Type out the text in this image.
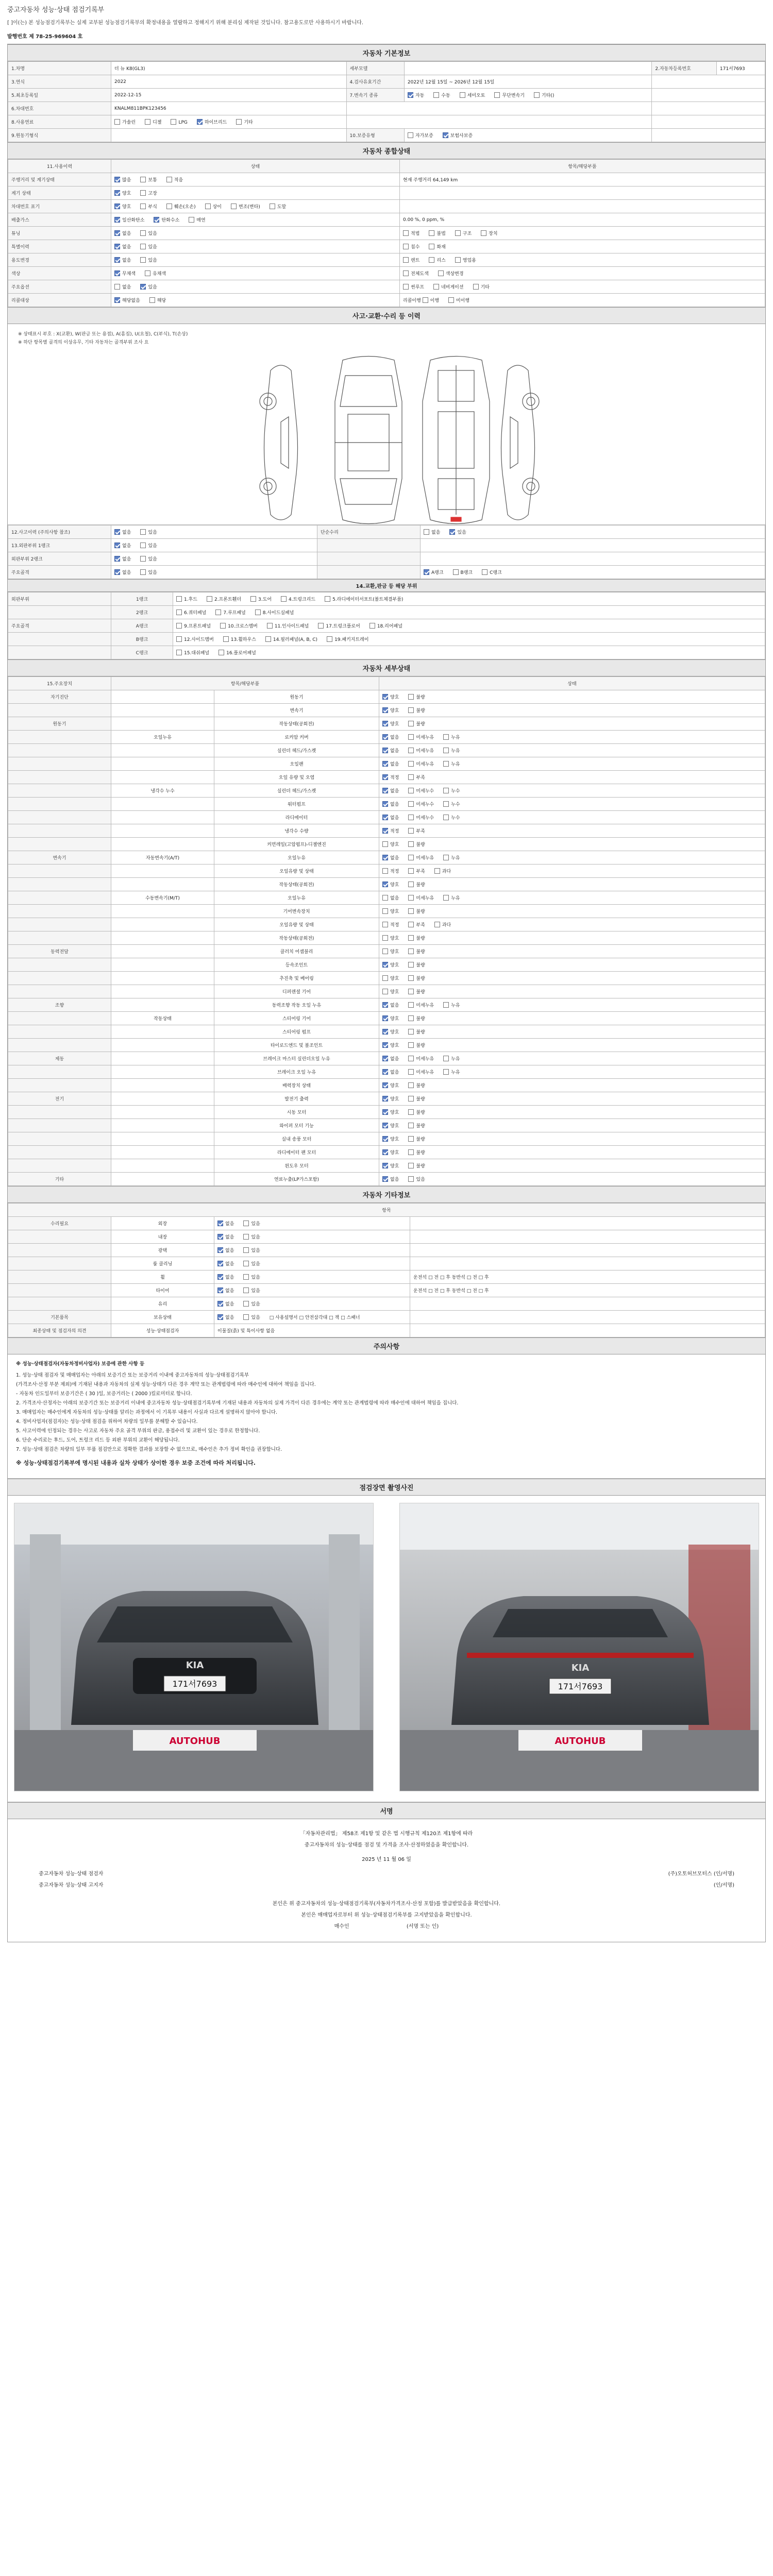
중고자동차 성능·상태 점검기록부
[ ]이(는) 본 성능점검기록부는 실제 교부된 성능점검기록부의 확정내용을 열람하고 정해지기 위해 분리심 제작된 것입니다. 참고용도로만 사용하시기 바랍니다.
발행번호 제 78-25-969604 호
자동차 기본정보
1.차명	더 뉴 K8(GL3)	세부모델		2.자동차등록번호	171서7693
3.연식	2022	4.검사유효기간	2022년 12월 15일 ~ 2026년 12월 15일		
5.최초등록일	2022-12-15	7.변속기 종류	자동 수동 세미오토 무단변속기 기타()		
6.차대번호	KNALM811BPK123456				
8.사용연료	가솔린 디젤 LPG 하이브리드 기타				
9.원동기형식		10.보증유형	자가보증 보험사보증		
자동차 종합상태
11.사용이력	상태	항목/해당부품
주행거리 및 계기상태	많음 보통 적음	현재 주행거리 64,149 km
계기 상태	양호 고장	
차대번호 표기	양호 부식 훼손(오손) 상이 변조(변타) 도말	
배출가스	일산화탄소 탄화수소 매연	0.00 %, 0 ppm, %
튜닝	없음 있음	적법 불법 구조 장치
특별이력	없음 있음	침수 화재
용도변경	없음 있음	렌트 리스 영업용
색상	무채색 유채색	전체도색 색상변경
주요옵션	없음 있음	썬루프 네비게이션 기타
리콜대상	해당없음 해당	리콜이행 이행 미이행
사고·교환·수리 등 이력
※ 상태표시 부호 : X(교환), W(판금 또는 용접), A(흠집), U(요철), C(부식), T(손상)
※ 하단 항목별 골격의 이상유무, 기타 자동차는 골격부위 조사 요
12.사고이력 (주의사항 참조)	없음 있음	단순수리	없음 있음
13.외판부위 1랭크	없음 있음		
외판부위 2랭크	없음 있음		
주요골격	없음 있음		A랭크 B랭크 C랭크
14.교환,판금 등 해당 부위
외판부위	1랭크	1.후드 2.프론트휀더 3.도어 4.트렁크리드 5.라디에이터서포트(볼트체결부품)
	2랭크	6.쿼터패널 7.루프패널 8.사이드실패널
주요골격	A랭크	9.프론트패널 10.크로스멤버 11.인사이드패널 17.트렁크플로어 18.리어패널
	B랭크	12.사이드멤버 13.휠하우스 14.필러패널(A, B, C) 19.패키지트레이
	C랭크	15.대쉬패널 16.플로어패널
자동차 세부상태
15.주요장치	항목/해당부품		상태
자기진단		원동기	양호 불량
		변속기	양호 불량
원동기		작동상태(공회전)	양호 불량
	오일누유	로커암 커버	없음 미세누유 누유
		실린더 헤드/가스켓	없음 미세누유 누유
		오일팬	없음 미세누유 누유
		오일 유량 및 오염	적정 부족
	냉각수 누수	실린더 헤드/가스켓	없음 미세누수 누수
		워터펌프	없음 미세누수 누수
		라디에이터	없음 미세누수 누수
		냉각수 수량	적정 부족
		커먼레일(고압펌프)-디젤엔진	양호 불량
변속기	자동변속기(A/T)	오일누유	없음 미세누유 누유
		오일유량 및 상태	적정 부족 과다
		작동상태(공회전)	양호 불량
	수동변속기(M/T)	오일누유	없음 미세누유 누유
		기어변속장치	양호 불량
		오일유량 및 상태	적정 부족 과다
		작동상태(공회전)	양호 불량
동력전달		클러치 어셈블리	양호 불량
		등속조인트	양호 불량
		추진축 및 베어링	양호 불량
		디퍼렌셜 기어	양호 불량
조향		동력조향 작동 오일 누유	없음 미세누유 누유
	작동상태	스티어링 기어	양호 불량
		스티어링 펌프	양호 불량
		타이로드엔드 및 볼조인트	양호 불량
제동		브레이크 마스터 실린더오일 누유	없음 미세누유 누유
		브레이크 오일 누유	없음 미세누유 누유
		배력장치 상태	양호 불량
전기		발전기 출력	양호 불량
		시동 모터	양호 불량
		와이퍼 모터 기능	양호 불량
		실내 송풍 모터	양호 불량
		라디에이터 팬 모터	양호 불량
		윈도우 모터	양호 불량
기타		연료누출(LP가스포함)	없음 있음
자동차 기타정보
항목			
수리필요	외장	없음 있음	
	내장	없음 있음	
	광택	없음 있음	
	룸 클리닝	없음 있음	
	휠	없음 있음	운전석 □ 전 □ 후 동반석 □ 전 □ 후
	타이어	없음 있음	운전석 □ 전 □ 후 동반석 □ 전 □ 후
	유리	없음 있음	
기본품목	보유상태	없음 있음 □ 사용설명서 □ 안전삼각대 □ 잭 □ 스패너	
최종상태 및 점검자의 의견	성능·상태점검자	이물질(흙) 및 특이사항 없음	
주의사항

※ 성능·상태점검자(자동차정비사업자) 보증에 관한 사항 등

1. 성능·상태 점검자 및 매매업자는 아래의 보증기간 또는 보증거리 이내에 중고자동차의 성능·상태점검기록부

(가격조사·산정 부분 제외)에 기재된 내용과 자동차의 실제 성능·상태가 다른 경우 계약 또는 관계법령에 따라 매수인에 대하여 책임을 집니다.

- 자동차 인도일부터 보증기간은 ( 30 )일, 보증거리는 ( 2000 )킬로미터로 합니다.

2. 가격조사·산정자는 아래의 보증기간 또는 보증거리 이내에 중고자동차 성능·상태점검기록부에 기재된 내용과 자동차의 실제 가격이 다른 경우에는 계약 또는 관계법령에 따라 매수인에 대하여 책임을 집니다.

3. 매매업자는 매수인에게 자동차의 성능·상태를 알리는 과정에서 이 기록부 내용이 사실과 다르게 설명하지 않아야 합니다.

4. 정비사업자(점검자)는 성능·상태 점검을 위하여 차량의 일부를 분해할 수 있습니다.

5. 사고이력에 인정되는 경우는 사고로 자동차 주요 골격 부위의 판금, 용접수리 및 교환이 있는 경우로 한정합니다.

6. 단순 수리로는 후드, 도어, 트렁크 리드 등 외판 부위의 교환이 해당됩니다.

7. 성능·상태 점검은 차량의 일부 부품 점검만으로 정확한 결과를 보장할 수 없으므로, 매수인은 추가 정비 확인을 권장합니다.

※ 성능·상태점검기록부에 명시된 내용과 실차 상태가 상이한 경우 보증 조건에 따라 처리됩니다.

점검장면 촬영사진
171서7693
KIA
AUTOHUB
171서7693
KIA
AUTOHUB
서명
「자동차관리법」 제58조 제1항 및 같은 법 시행규칙 제120조 제1항에 따라
중고자동차의 성능·상태를 점검 및 가격을 조사·산정하였음을 확인합니다.
2025 년 11 월 06 일
중고자동차 성능·상태 점검자	(주)오토허브모터스 (인/서명)
중고자동차 성능·상태 고지자	(인/서명)
본인은 위 중고자동차의 성능·상태점검기록부(자동차가격조사·산정 포함)를 발급받았음을 확인합니다.
본인은 매매업자로부터 위 성능·상태점검기록부를 고지받았음을 확인합니다.
매수인                                   (서명 또는 인)
